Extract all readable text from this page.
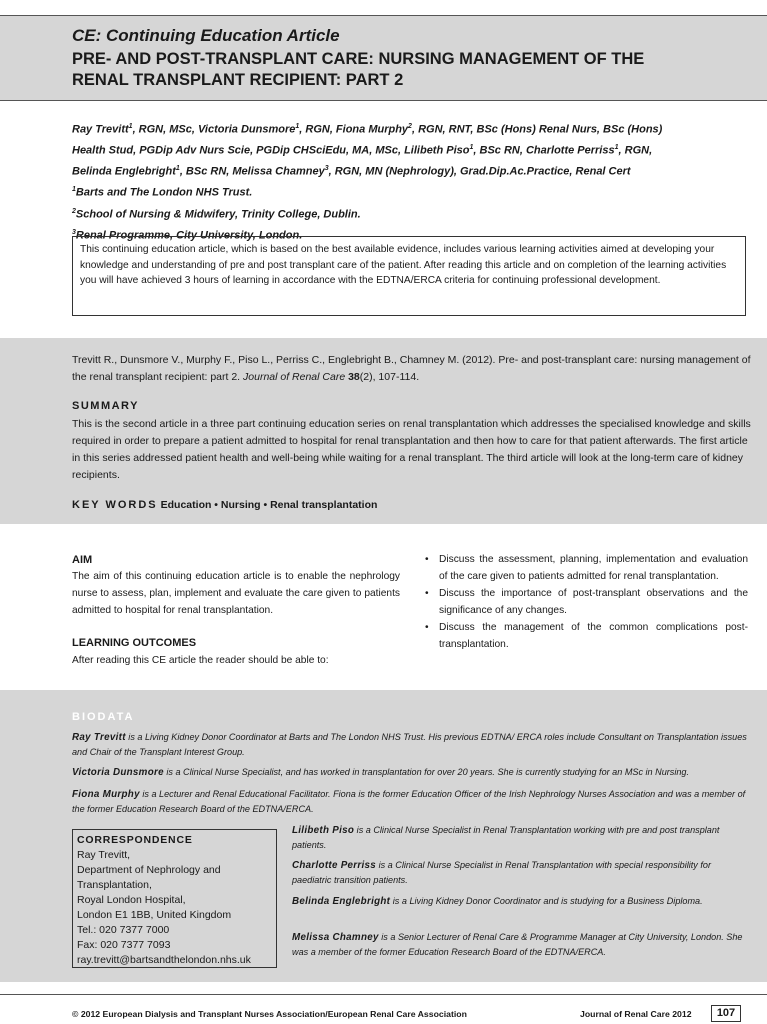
CE: Continuing Education Article
PRE- AND POST-TRANSPLANT CARE: NURSING MANAGEMENT OF THE
RENAL TRANSPLANT RECIPIENT: PART 2
Ray Trevitt$^1$, RGN, MSc, Victoria Dunsmore$^1$, RGN, Fiona Murphy$^2$, RGN, RNT, BSc (Hons) Renal Nurs, BSc (Hons)
Health Stud, PGDip Adv Nurs Scie, PGDip CHSciEdu, MA, MSc, Lilibeth Piso$^1$, BSc RN, Charlotte Perriss$^1$, RGN,
Belinda Englebright$^1$, BSc RN, Melissa Chamney$^3$, RGN, MN (Nephrology), Grad.Dip.Ac.Practice, Renal Cert
$^1$Barts and The London NHS Trust.
$^2$School of Nursing & Midwifery, Trinity College, Dublin.
$^3$Renal Programme, City University, London.
This continuing education article, which is based on the best available evidence, includes various learning activities aimed at developing your knowledge and understanding of pre and post transplant care of the patient. After reading this article and on completion of the learning activities you will have achieved 3 hours of learning in accordance with the EDTNA/ERCA criteria for continuing professional development.
Trevitt R., Dunsmore V., Murphy F., Piso L., Perriss C., Englebright B., Chamney M. (2012). Pre- and post-transplant care: nursing management of the renal transplant recipient: part 2. Journal of Renal Care 38(2), 107-114.
SUMMARY
This is the second article in a three part continuing education series on renal transplantation which addresses the specialised knowledge and skills required in order to prepare a patient admitted to hospital for renal transplantation and then how to care for that patient afterwards. The first article in this series addressed patient health and well-being while waiting for a renal transplant. The third article will look at the long-term care of kidney recipients.
KEY WORDS Education • Nursing • Renal transplantation
AIM
The aim of this continuing education article is to enable the nephrology nurse to assess, plan, implement and evaluate the care given to patients admitted to hospital for renal transplantation.
LEARNING OUTCOMES
After reading this CE article the reader should be able to:
• Discuss the assessment, planning, implementation and evaluation of the care given to patients admitted for renal transplantation.
• Discuss the importance of post-transplant observations and the significance of any changes.
• Discuss the management of the common complications post-transplantation.
BIODATA
Ray Trevitt is a Living Kidney Donor Coordinator at Barts and The London NHS Trust. His previous EDTNA/ ERCA roles include Consultant on Transplantation issues and Chair of the Transplant Interest Group.
Victoria Dunsmore is a Clinical Nurse Specialist, and has worked in transplantation for over 20 years. She is currently studying for an MSc in Nursing.
Fiona Murphy is a Lecturer and Renal Educational Facilitator. Fiona is the former Education Officer of the Irish Nephrology Nurses Association and was a member of the former Education Research Board of the EDTNA/ERCA.
Lilibeth Piso is a Clinical Nurse Specialist in Renal Transplantation working with pre and post transplant patients.
Charlotte Perriss is a Clinical Nurse Specialist in Renal Transplantation with special responsibility for paediatric transition patients.
Belinda Englebright is a Living Kidney Donor Coordinator and is studying for a Business Diploma.
Melissa Chamney is a Senior Lecturer of Renal Care & Programme Manager at City University, London. She was a member of the former Education Research Board of the EDTNA/ERCA.
CORRESPONDENCE
Ray Trevitt,
Department of Nephrology and
Transplantation,
Royal London Hospital,
London E1 1BB, United Kingdom
Tel.: 020 7377 7000
Fax: 020 7377 7093
ray.trevitt@bartsandthelondon.nhs.uk
© 2012 European Dialysis and Transplant Nurses Association/European Renal Care Association	Journal of Renal Care 2012	107
